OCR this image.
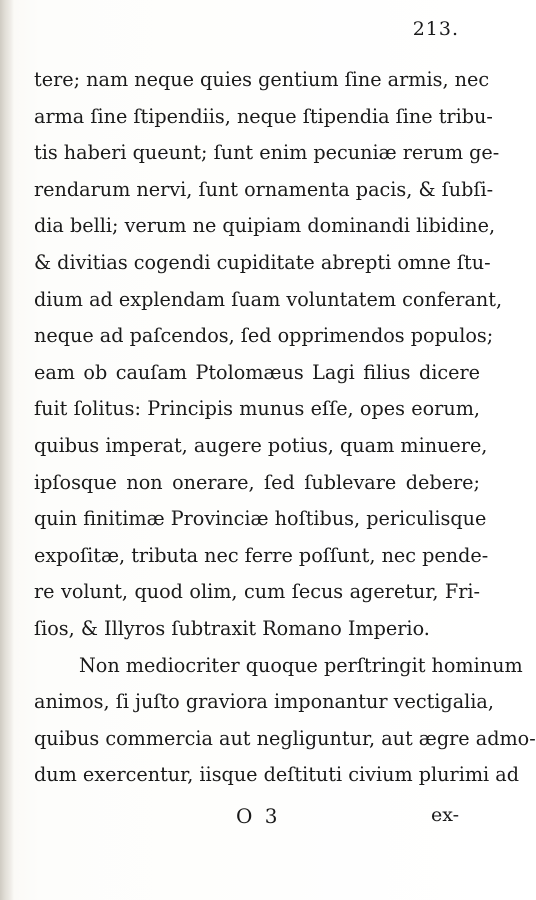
213.
tere; nam neque quies gentium ſine armis, nec
arma ſine ſtipendiis, neque ſtipendia ſine tribu-
tis haberi queunt; ſunt enim pecuniæ rerum ge-
rendarum nervi, ſunt ornamenta pacis, & ſubſi-
dia belli; verum ne quipiam dominandi libidine,
& divitias cogendi cupiditate abrepti omne ſtu-
dium ad explendam ſuam voluntatem conferant,
neque ad paſcendos, ſed opprimendos populos;
eam ob cauſam Ptolomæus Lagi filius dicere
fuit ſolitus: Principis munus eſſe, opes eorum,
quibus imperat, augere potius, quam minuere,
ipſosque non onerare, ſed ſublevare debere;
quin finitimæ Provinciæ hoſtibus, periculisque
expoſitæ, tributa nec ferre poſſunt, nec pende-
re volunt, quod olim, cum ſecus ageretur, Fri-
ſios, & Illyros ſubtraxit Romano Imperio.
Non mediocriter quoque perſtringit hominum
animos, ſi juſto graviora imponantur vectigalia,
quibus commercia aut negliguntur, aut ægre admo-
dum exercentur, iisque deſtituti civium plurimi ad
O 3	ex-
